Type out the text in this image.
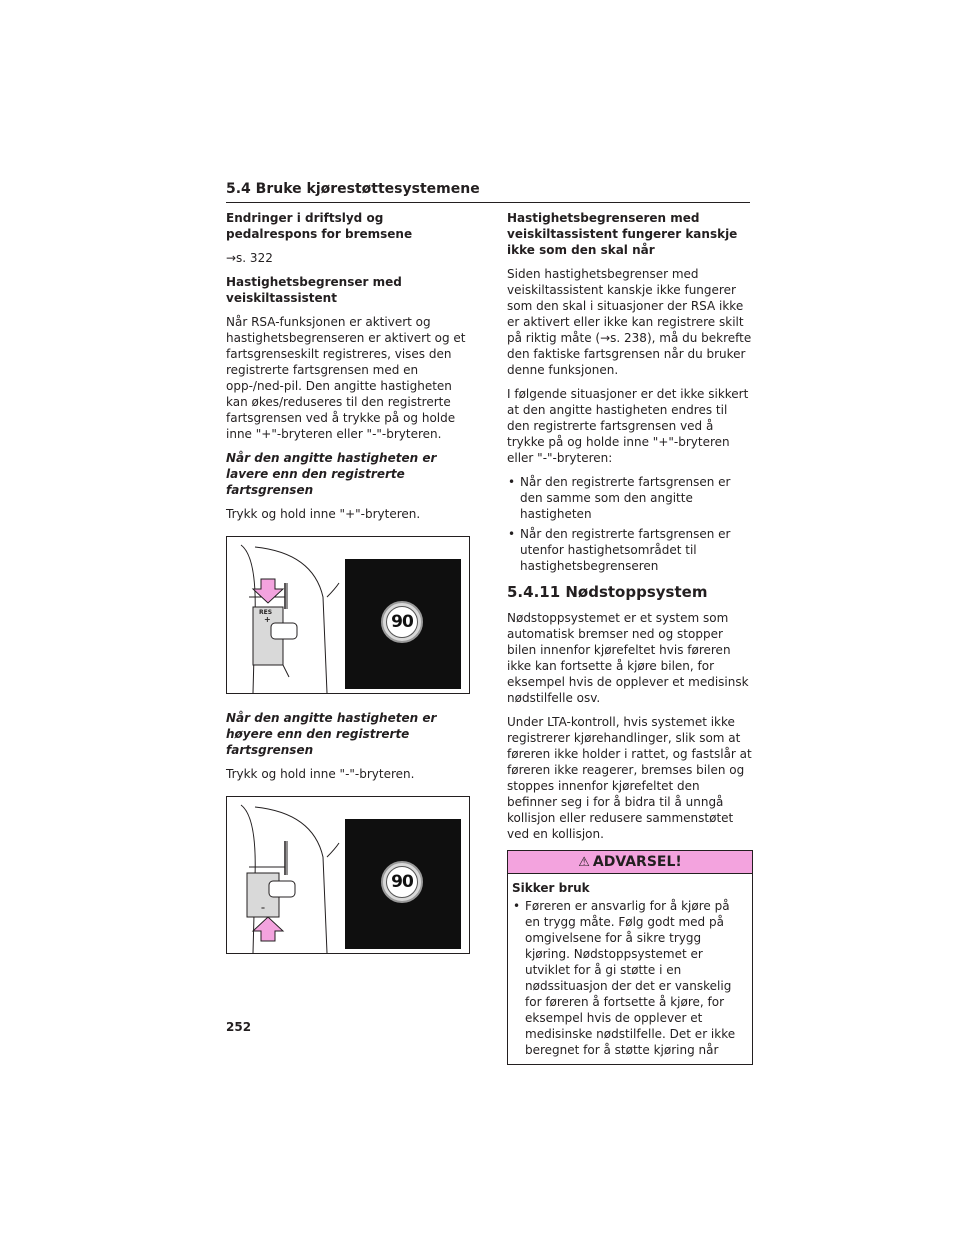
5.4 Bruke kjørestøttesystemene

Endringer i driftslyd og pedalrespons for bremsene

→s. 322

Hastighetsbegrenser med veiskiltassistent

Når RSA-funksjonen er aktivert og hastighetsbegrenseren er aktivert og et fartsgrenseskilt registreres, vises den registrerte fartsgrensen med en opp-/ned-pil. Den angitte hastigheten kan økes/reduseres til den registrerte fartsgrensen ved å trykke på og holde inne "+"-bryteren eller "-"-bryteren.

Når den angitte hastigheten er lavere enn den registrerte fartsgrensen

Trykk og hold inne "+"-bryteren.

RES
+	90

Når den angitte hastigheten er høyere enn den registrerte fartsgrensen

Trykk og hold inne "-"-bryteren.

–
90

Hastighetsbegrenseren med veiskiltassistent fungerer kanskje ikke som den skal når

Siden hastighetsbegrenser med veiskiltassistent kanskje ikke fungerer som den skal i situasjoner der RSA ikke er aktivert eller ikke kan registrere skilt på riktig måte (→s. 238), må du bekrefte den faktiske fartsgrensen når du bruker denne funksjonen.

I følgende situasjoner er det ikke sikkert at den angitte hastigheten endres til den registrerte fartsgrensen ved å trykke på og holde inne "+"-bryteren eller "-"-bryteren:

• Når den registrerte fartsgrensen er den samme som den angitte hastigheten
• Når den registrerte fartsgrensen er utenfor hastighetsområdet til hastighetsbegrenseren
5.4.11 Nødstoppsystem

Nødstoppsystemet er et system som automatisk bremser ned og stopper bilen innenfor kjørefeltet hvis føreren ikke kan fortsette å kjøre bilen, for eksempel hvis de opplever et medisinsk nødstilfelle osv.

Under LTA-kontroll, hvis systemet ikke registrerer kjørehandlinger, slik som at føreren ikke holder i rattet, og fastslår at føreren ikke reagerer, bremses bilen og stoppes innenfor kjørefeltet den befinner seg i for å bidra til å unngå kollisjon eller redusere sammenstøtet ved en kollisjon.

⚠ ADVARSEL!

Sikker bruk

• Føreren er ansvarlig for å kjøre på en trygg måte. Følg godt med på omgivelsene for å sikre trygg kjøring. Nødstoppsystemet er utviklet for å gi støtte i en nødssituasjon der det er vanskelig for føreren å fortsette å kjøre, for eksempel hvis de opplever et medisinske nødstilfelle. Det er ikke beregnet for å støtte kjøring når
252
